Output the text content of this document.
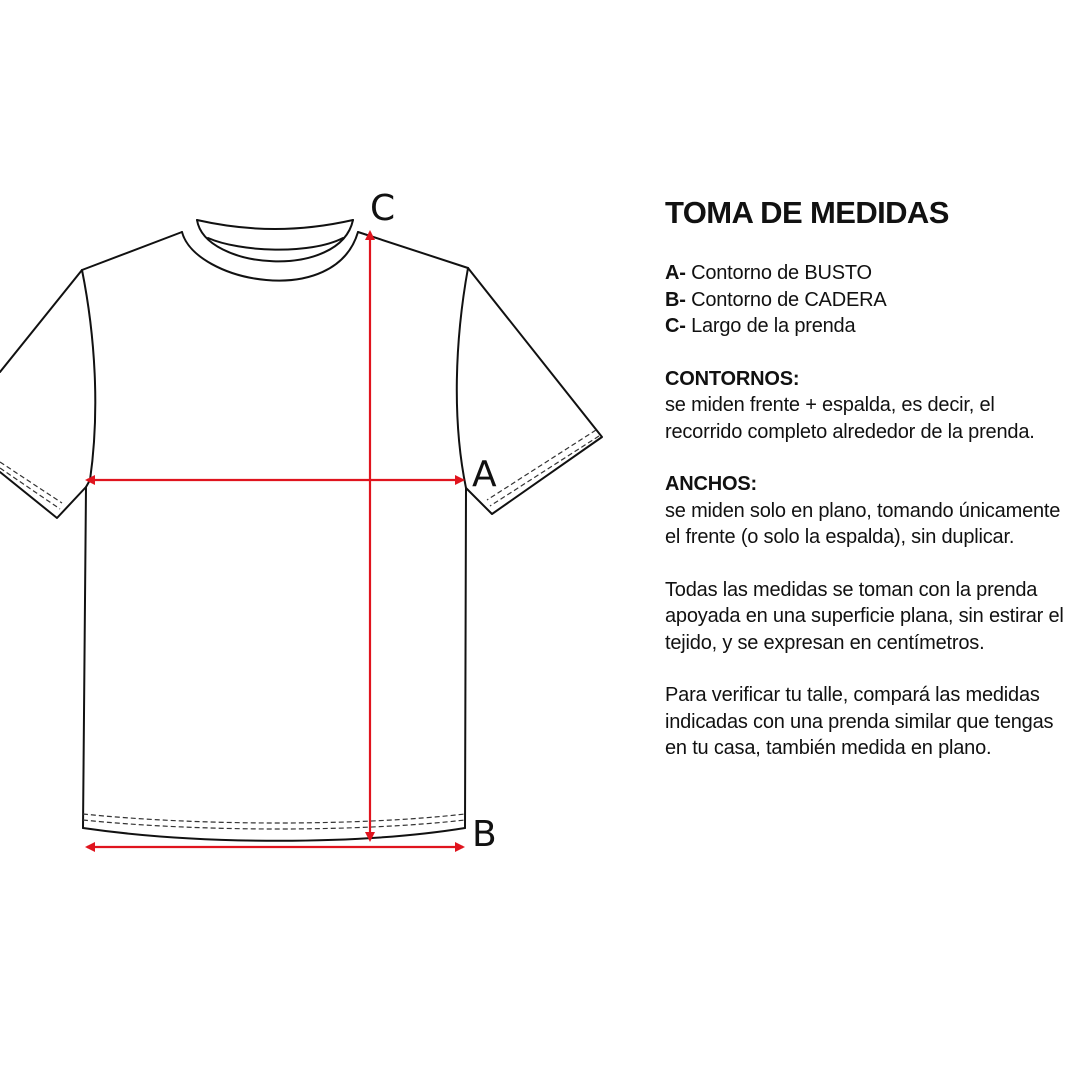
A
B
C	TOMA DE MEDIDAS
A- Contorno de BUSTO
B- Contorno de CADERA
C- Largo de la prenda
CONTORNOS:
se miden frente + espalda, es decir, el recorrido completo alrededor de la prenda.
ANCHOS:
se miden solo en plano, tomando únicamente el frente (o solo la espalda), sin duplicar.

Todas las medidas se toman con la prenda apoyada en una superficie plana, sin estirar el tejido, y se expresan en centímetros.

Para verificar tu talle, compará las medidas indicadas con una prenda similar que tengas en tu casa, también medida en plano.
